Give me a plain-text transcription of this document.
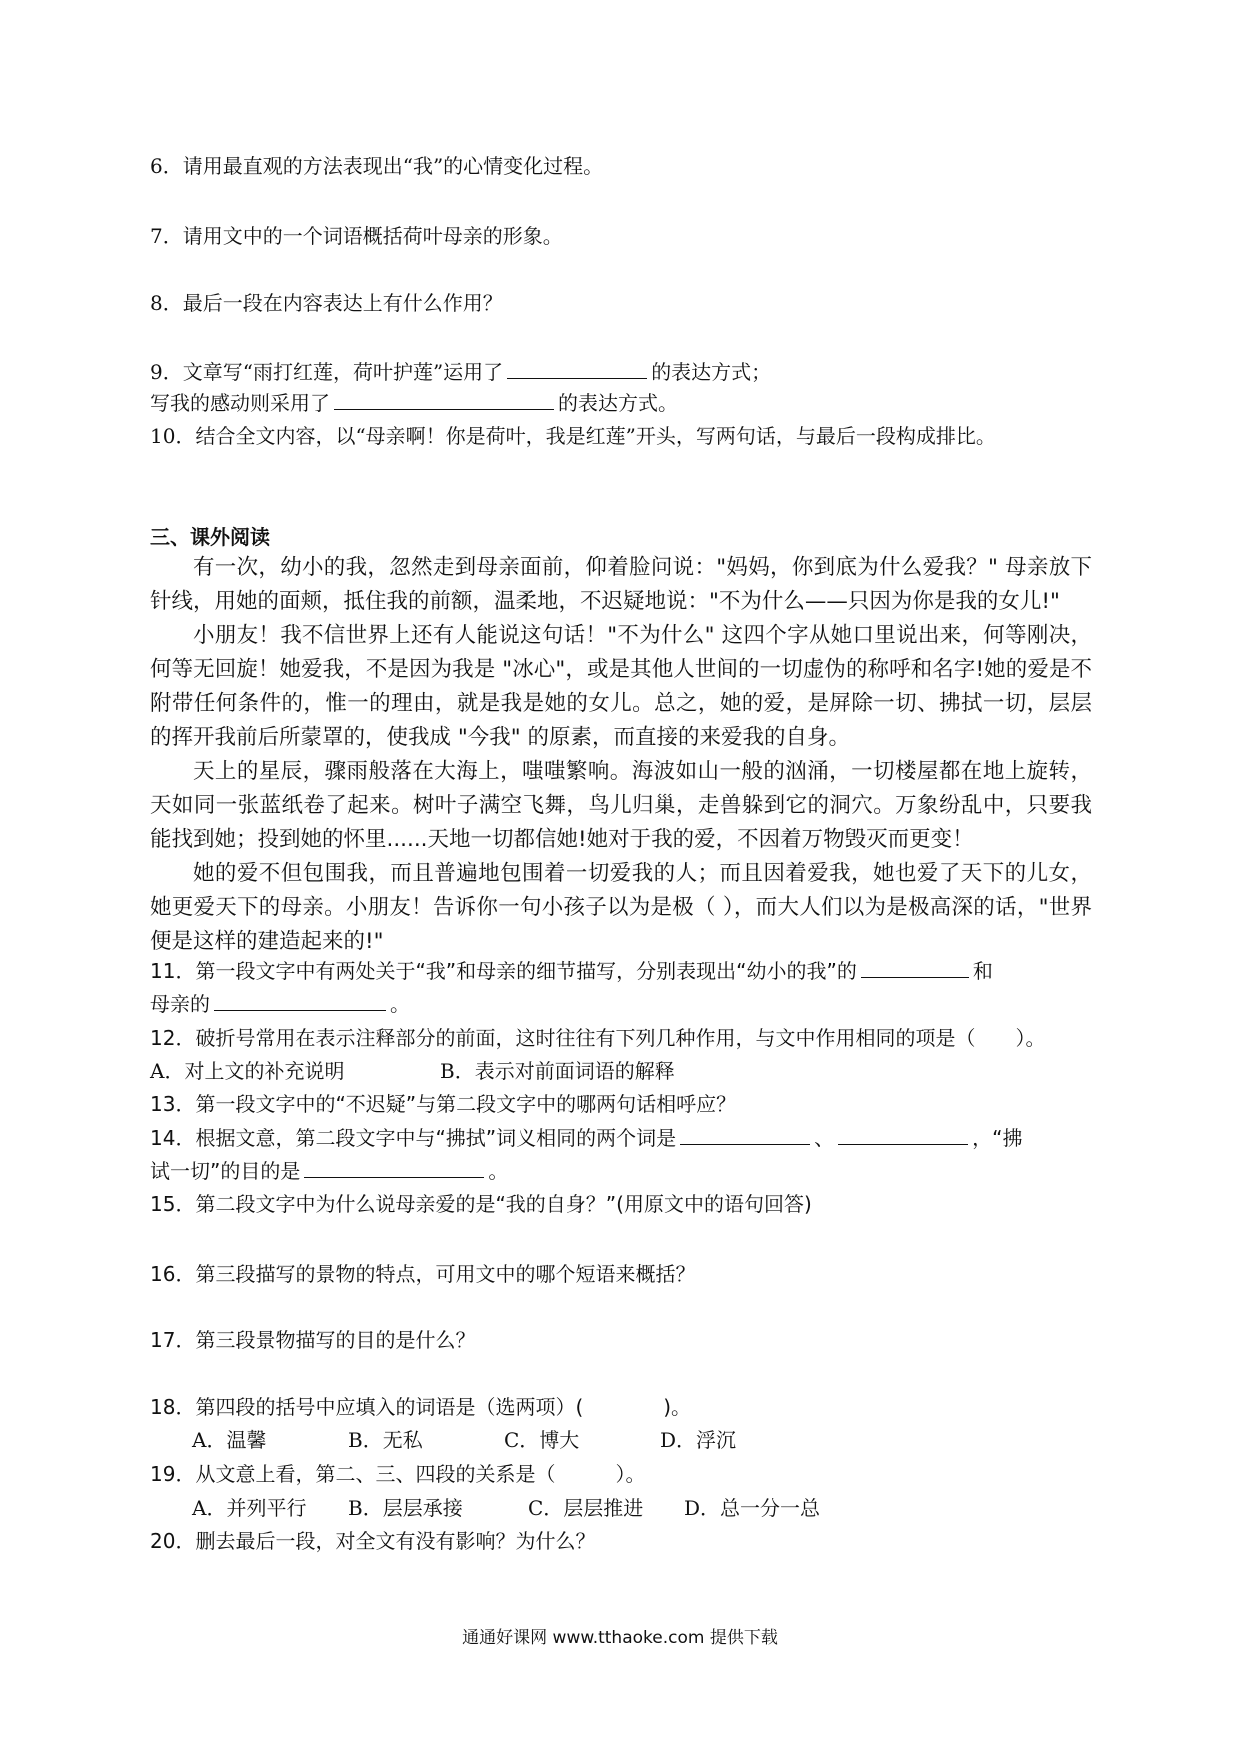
6．请用最直观的方法表现出“我”的心情变化过程。
7．请用文中的一个词语概括荷叶母亲的形象。
8．最后一段在内容表达上有什么作用？
9．文章写“雨打红莲，荷叶护莲”运用了	的表达方式；
写我的感动则采用了	的表达方式。
10．结合全文内容，以“母亲啊！你是荷叶，我是红莲”开头，写两句话，与最后一段构成排比。
三、课外阅读
有一次，幼小的我，忽然走到母亲面前，仰着脸问说："妈妈，你到底为什么爱我？" 母亲放下针线，用她的面颊，抵住我的前额，温柔地，不迟疑地说："不为什么——只因为你是我的女儿!"
小朋友！我不信世界上还有人能说这句话！"不为什么" 这四个字从她口里说出来，何等刚决，何等无回旋！她爱我，不是因为我是 "冰心"，或是其他人世间的一切虚伪的称呼和名字!她的爱是不附带任何条件的，惟一的理由，就是我是她的女儿。总之，她的爱，是屏除一切、拂拭一切，层层的挥开我前后所蒙罩的，使我成 "今我" 的原素，而直接的来爱我的自身。
天上的星辰，骤雨般落在大海上，嗤嗤繁响。海波如山一般的汹涌，一切楼屋都在地上旋转，天如同一张蓝纸卷了起来。树叶子满空飞舞，鸟儿归巢，走兽躲到它的洞穴。万象纷乱中，只要我能找到她；投到她的怀里......天地一切都信她!她对于我的爱，不因着万物毁灭而更变！
她的爱不但包围我，而且普遍地包围着一切爱我的人；而且因着爱我，她也爱了天下的儿女，她更爱天下的母亲。小朋友！告诉你一句小孩子以为是极（ ），而大人们以为是极高深的话，"世界便是这样的建造起来的!"
11．第一段文字中有两处关于“我”和母亲的细节描写，分别表现出“幼小的我”的	和
母亲的	。
12．破折号常用在表示注释部分的前面，这时往往有下列几种作用，与文中作用相同的项是（　　）。
A．对上文的补充说明	B．表示对前面词语的解释
13．第一段文字中的“不迟疑”与第二段文字中的哪两句话相呼应？
14．根据文意，第二段文字中与“拂拭”词义相同的两个词是	、	，“拂
试一切”的目的是	。
15．第二段文字中为什么说母亲爱的是“我的自身？”(用原文中的语句回答)
16．第三段描写的景物的特点，可用文中的哪个短语来概括？
17．第三段景物描写的目的是什么？
18．第四段的括号中应填入的词语是（选两项）(　　　　)。
A．温馨	B．无私	C．博大	D．浮沉
19．从文意上看，第二、三、四段的关系是（　　　）。
A．并列平行 B．层层承接	C．层层推进 D．总一分一总
20．删去最后一段，对全文有没有影响？为什么？
通通好课网 www.tthaoke.com 提供下载
